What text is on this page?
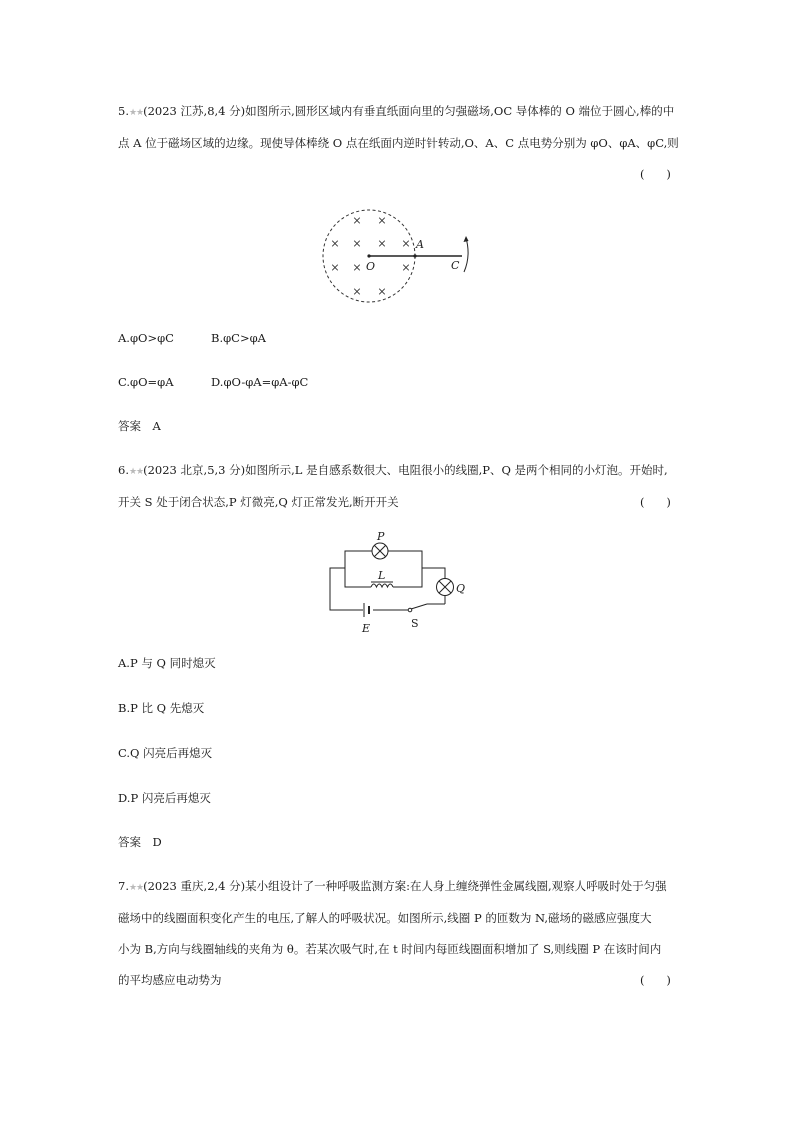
5.★★(2023 江苏,8,4 分)如图所示,圆形区域内有垂直纸面向里的匀强磁场,OC 导体棒的 O 端位于圆心,棒的中
点 A 位于磁场区域的边缘。现使导体棒绕 O 点在纸面内逆时针转动,O、A、C 点电势分别为 φO、φA、φC,则
(      )
× ×
× × × ×
× ×	×
× ×
O
A
C
A.φO>φC	B.φC>φA
C.φO=φA	D.φO-φA=φA-φC
答案　A
6.★★(2023 北京,5,3 分)如图所示,L 是自感系数很大、电阻很小的线圈,P、Q 是两个相同的小灯泡。开始时,
开关 S 处于闭合状态,P 灯微亮,Q 灯正常发光,断开开关	(      )
P
L
Q
E	S
A.P 与 Q 同时熄灭
B.P 比 Q 先熄灭
C.Q 闪亮后再熄灭
D.P 闪亮后再熄灭
答案　D
7.★★(2023 重庆,2,4 分)某小组设计了一种呼吸监测方案:在人身上缠绕弹性金属线圈,观察人呼吸时处于匀强
磁场中的线圈面积变化产生的电压,了解人的呼吸状况。如图所示,线圈 P 的匝数为 N,磁场的磁感应强度大
小为 B,方向与线圈轴线的夹角为 θ。若某次吸气时,在 t 时间内每匝线圈面积增加了 S,则线圈 P 在该时间内
的平均感应电动势为	(      )
